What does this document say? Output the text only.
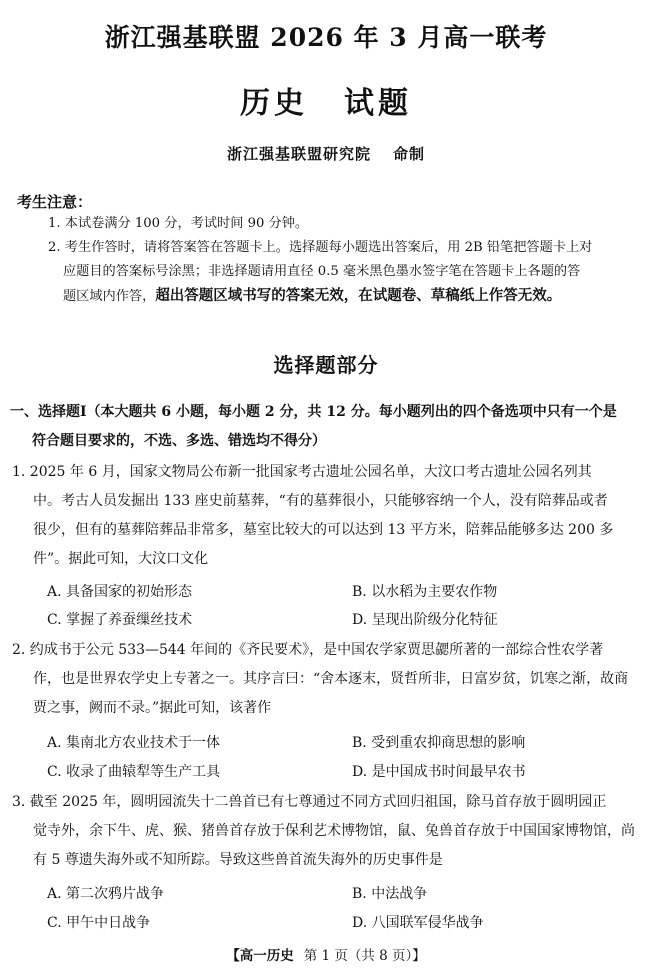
浙江强基联盟 2026 年 3 月高一联考
历史 试题
浙江强基联盟研究院 命制
考生注意：
1. 本试卷满分 100 分，考试时间 90 分钟。
2. 考生作答时，请将答案答在答题卡上。选择题每小题选出答案后，用 2B 铅笔把答题卡上对
应题目的答案标号涂黑；非选择题请用直径 0.5 毫米黑色墨水签字笔在答题卡上各题的答
题区域内作答，超出答题区域书写的答案无效，在试题卷、草稿纸上作答无效。
选择题部分
一、选择题Ⅰ（本大题共 6 小题，每小题 2 分，共 12 分。每小题列出的四个备选项中只有一个是
符合题目要求的，不选、多选、错选均不得分）
1. 2025 年 6 月，国家文物局公布新一批国家考古遗址公园名单，大汶口考古遗址公园名列其
中。考古人员发掘出 133 座史前墓葬，“有的墓葬很小，只能够容纳一个人，没有陪葬品或者
很少，但有的墓葬陪葬品非常多，墓室比较大的可以达到 13 平方米，陪葬品能够多达 200 多
件”。据此可知，大汶口文化
A. 具备国家的初始形态	B. 以水稻为主要农作物
C. 掌握了养蚕缫丝技术	D. 呈现出阶级分化特征
2. 约成书于公元 533—544 年间的《齐民要术》，是中国农学家贾思勰所著的一部综合性农学著
作，也是世界农学史上专著之一。其序言曰：“舍本逐末，贤哲所非，日富岁贫，饥寒之渐，故商
贾之事，阙而不录。”据此可知，该著作
A. 集南北方农业技术于一体	B. 受到重农抑商思想的影响
C. 收录了曲辕犁等生产工具	D. 是中国成书时间最早农书
3. 截至 2025 年，圆明园流失十二兽首已有七尊通过不同方式回归祖国，除马首存放于圆明园正
觉寺外，余下牛、虎、猴、猪兽首存放于保利艺术博物馆，鼠、兔兽首存放于中国国家博物馆，尚
有 5 尊遗失海外或不知所踪。导致这些兽首流失海外的历史事件是
A. 第二次鸦片战争	B. 中法战争
C. 甲午中日战争	D. 八国联军侵华战争
【高一历史 第 1 页（共 8 页）】
